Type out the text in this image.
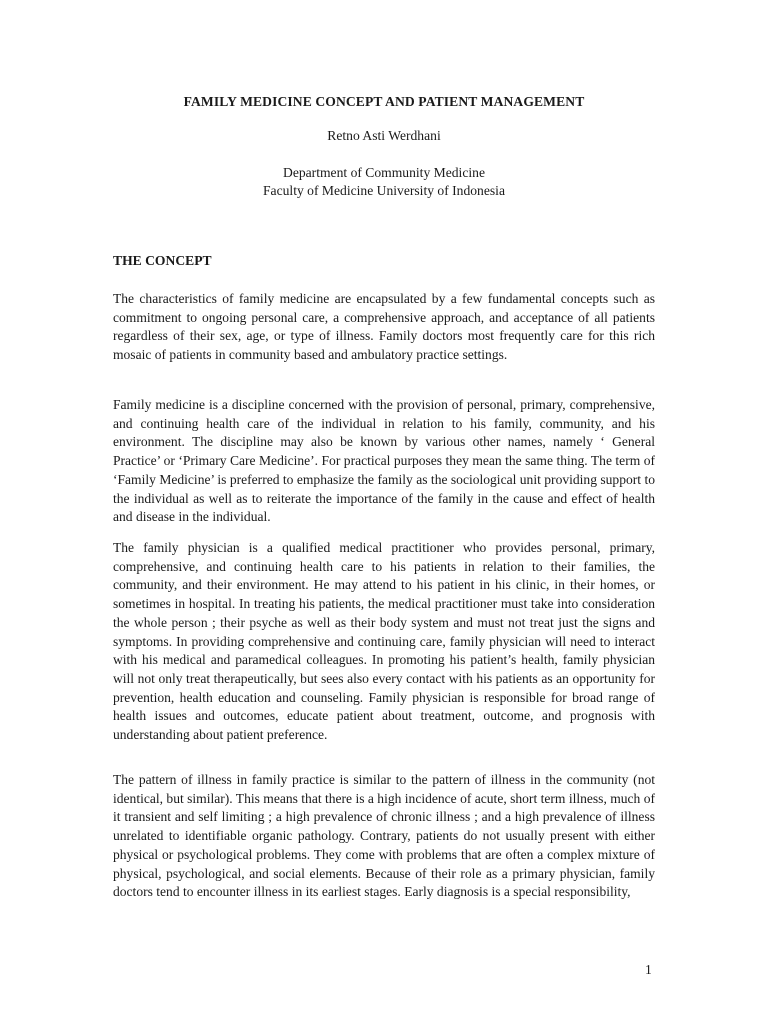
FAMILY MEDICINE CONCEPT AND PATIENT MANAGEMENT
Retno Asti Werdhani
Department of Community Medicine
Faculty of Medicine University of Indonesia
THE CONCEPT
The characteristics of family medicine are encapsulated by a few fundamental concepts such as commitment to ongoing personal care, a comprehensive approach, and acceptance of all patients regardless of their sex, age, or type of illness. Family doctors most frequently care for this rich mosaic of patients in community based and ambulatory practice settings.
Family medicine is a discipline concerned with the provision of personal, primary, comprehensive, and continuing health care of the individual in relation to his family, community, and his environment. The discipline may also be known by various other names, namely ‘ General Practice’ or ‘Primary Care Medicine’. For practical purposes they mean the same thing. The term of ‘Family Medicine’ is preferred to emphasize the family as the sociological unit providing support to the individual as well as to reiterate the importance of the family in the cause and effect of health and disease in the individual.
The family physician is a qualified medical practitioner who provides personal, primary, comprehensive, and continuing health care to his patients in relation to their families, the community, and their environment. He may attend to his patient in his clinic, in their homes, or sometimes in hospital. In treating his patients, the medical practitioner must take into consideration the whole person ; their psyche as well as their body system and must not treat just the signs and symptoms. In providing comprehensive and continuing care, family physician will need to interact with his medical and paramedical colleagues. In promoting his patient’s health, family physician will not only treat therapeutically, but sees also every contact with his patients as an opportunity for prevention, health education and counseling. Family physician is responsible for broad range of health issues and outcomes, educate patient about treatment, outcome, and prognosis with understanding about patient preference.
The pattern of illness in family practice is similar to the pattern of illness in the community (not identical, but similar). This means that there is a high incidence of acute, short term illness, much of it transient and self limiting ; a high prevalence of chronic illness ; and a high prevalence of illness unrelated to identifiable organic pathology. Contrary, patients do not usually present with either physical or psychological problems. They come with problems that are often a complex mixture of physical, psychological, and social elements. Because of their role as a primary physician, family doctors tend to encounter illness in its earliest stages. Early diagnosis is a special responsibility,
1
